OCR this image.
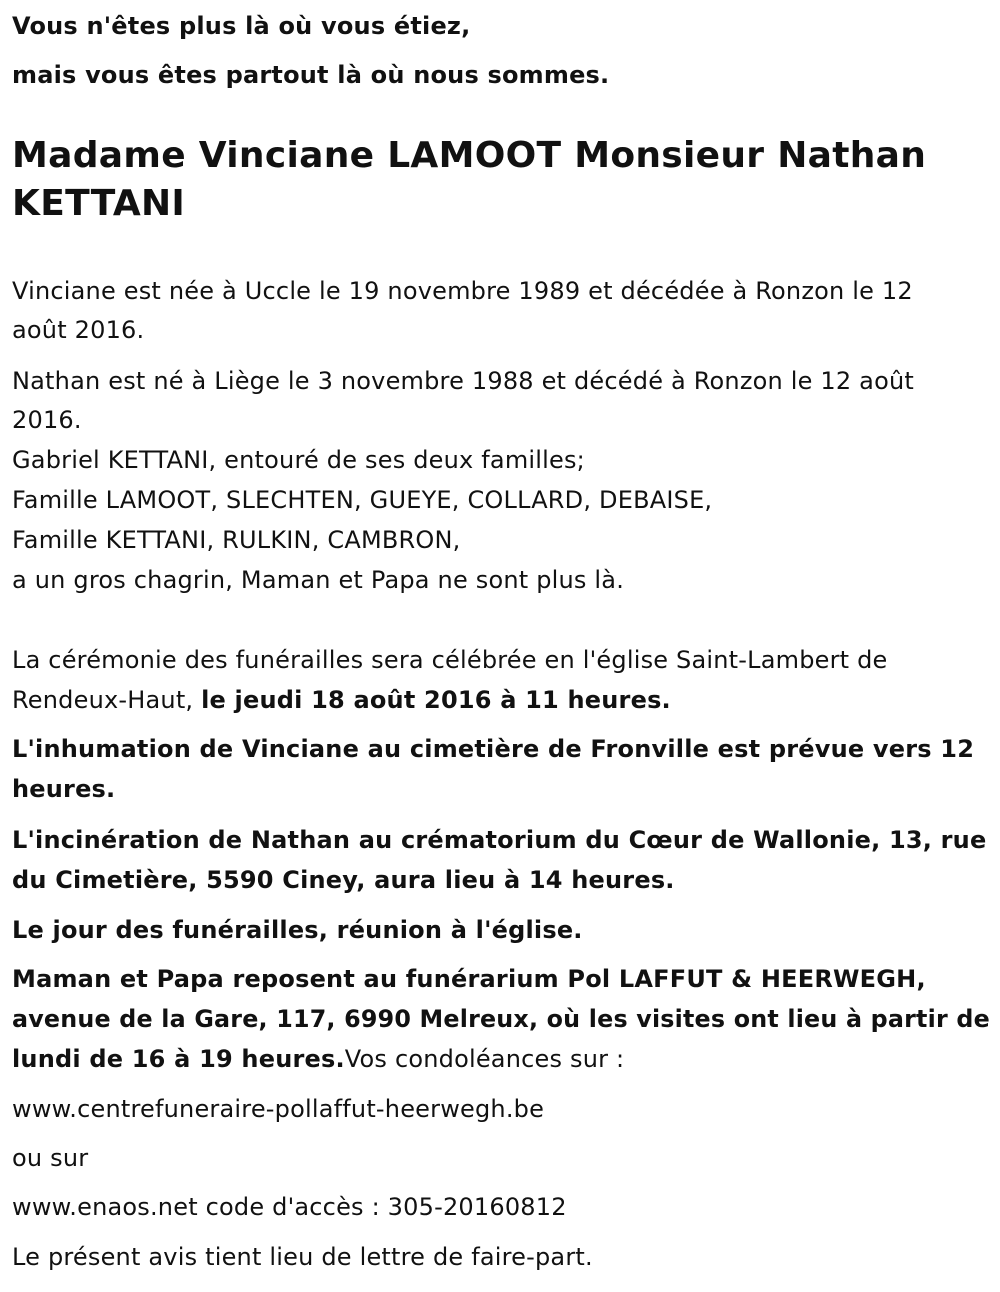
Vous n'êtes plus là où vous étiez,
mais vous êtes partout là où nous sommes.
Madame Vinciane LAMOOT Monsieur Nathan
KETTANI
Vinciane est née à Uccle le 19 novembre 1989 et décédée à Ronzon le 12
août 2016.
Nathan est né à Liège le 3 novembre 1988 et décédé à Ronzon le 12 août
2016.
Gabriel KETTANI, entouré de ses deux familles;
Famille LAMOOT, SLECHTEN, GUEYE, COLLARD, DEBAISE,
Famille KETTANI, RULKIN, CAMBRON,
a un gros chagrin, Maman et Papa ne sont plus là.
La cérémonie des funérailles sera célébrée en l'église Saint-Lambert de
Rendeux-Haut, le jeudi 18 août 2016 à 11 heures.
L'inhumation de Vinciane au cimetière de Fronville est prévue vers 12
heures.
L'incinération de Nathan au crématorium du Cœur de Wallonie, 13, rue
du Cimetière, 5590 Ciney, aura lieu à 14 heures.
Le jour des funérailles, réunion à l'église.
Maman et Papa reposent au funérarium Pol LAFFUT & HEERWEGH,
avenue de la Gare, 117, 6990 Melreux, où les visites ont lieu à partir de
lundi de 16 à 19 heures.Vos condoléances sur :
www.centrefuneraire-pollaffut-heerwegh.be
ou sur
www.enaos.net code d'accès : 305-20160812
Le présent avis tient lieu de lettre de faire-part.
